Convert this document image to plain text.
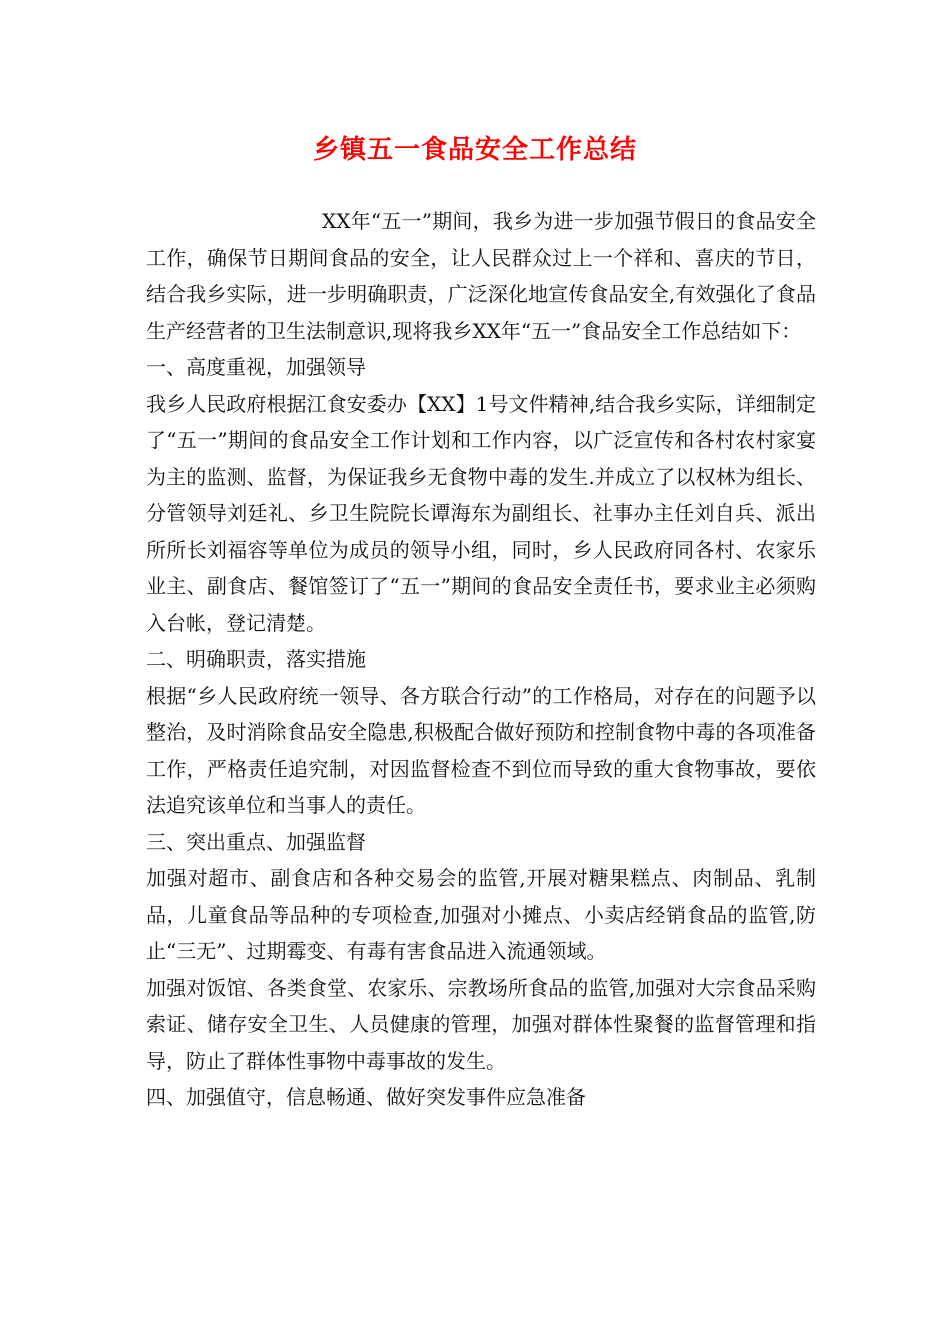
乡镇五一食品安全工作总结

XX年“五一”期间，我乡为进一步加强节假日的食品安全工作，确保节日期间食品的安全，让人民群众过上一个祥和、喜庆的节日，结合我乡实际，进一步明确职责，广泛深化地宣传食品安全,有效强化了食品生产经营者的卫生法制意识,现将我乡XX年“五一”食品安全工作总结如下：

一、高度重视，加强领导

我乡人民政府根据江食安委办【XX】1号文件精神,结合我乡实际，详细制定了“五一”期间的食品安全工作计划和工作内容，以广泛宣传和各村农村家宴为主的监测、监督，为保证我乡无食物中毒的发生.并成立了以权林为组长、分管领导刘廷礼、乡卫生院院长谭海东为副组长、社事办主任刘自兵、派出所所长刘福容等单位为成员的领导小组，同时，乡人民政府同各村、农家乐业主、副食店、餐馆签订了“五一”期间的食品安全责任书，要求业主必须购入台帐，登记清楚。

二、明确职责，落实措施

根据“乡人民政府统一领导、各方联合行动”的工作格局，对存在的问题予以整治，及时消除食品安全隐患,积极配合做好预防和控制食物中毒的各项准备工作，严格责任追究制，对因监督检查不到位而导致的重大食物事故，要依法追究该单位和当事人的责任。

三、突出重点、加强监督

加强对超市、副食店和各种交易会的监管,开展对糖果糕点、肉制品、乳制品，儿童食品等品种的专项检查,加强对小摊点、小卖店经销食品的监管,防止“三无”、过期霉变、有毒有害食品进入流通领域。

加强对饭馆、各类食堂、农家乐、宗教场所食品的监管,加强对大宗食品采购索证、储存安全卫生、人员健康的管理，加强对群体性聚餐的监督管理和指导，防止了群体性事物中毒事故的发生。

四、加强值守，信息畅通、做好突发事件应急准备
